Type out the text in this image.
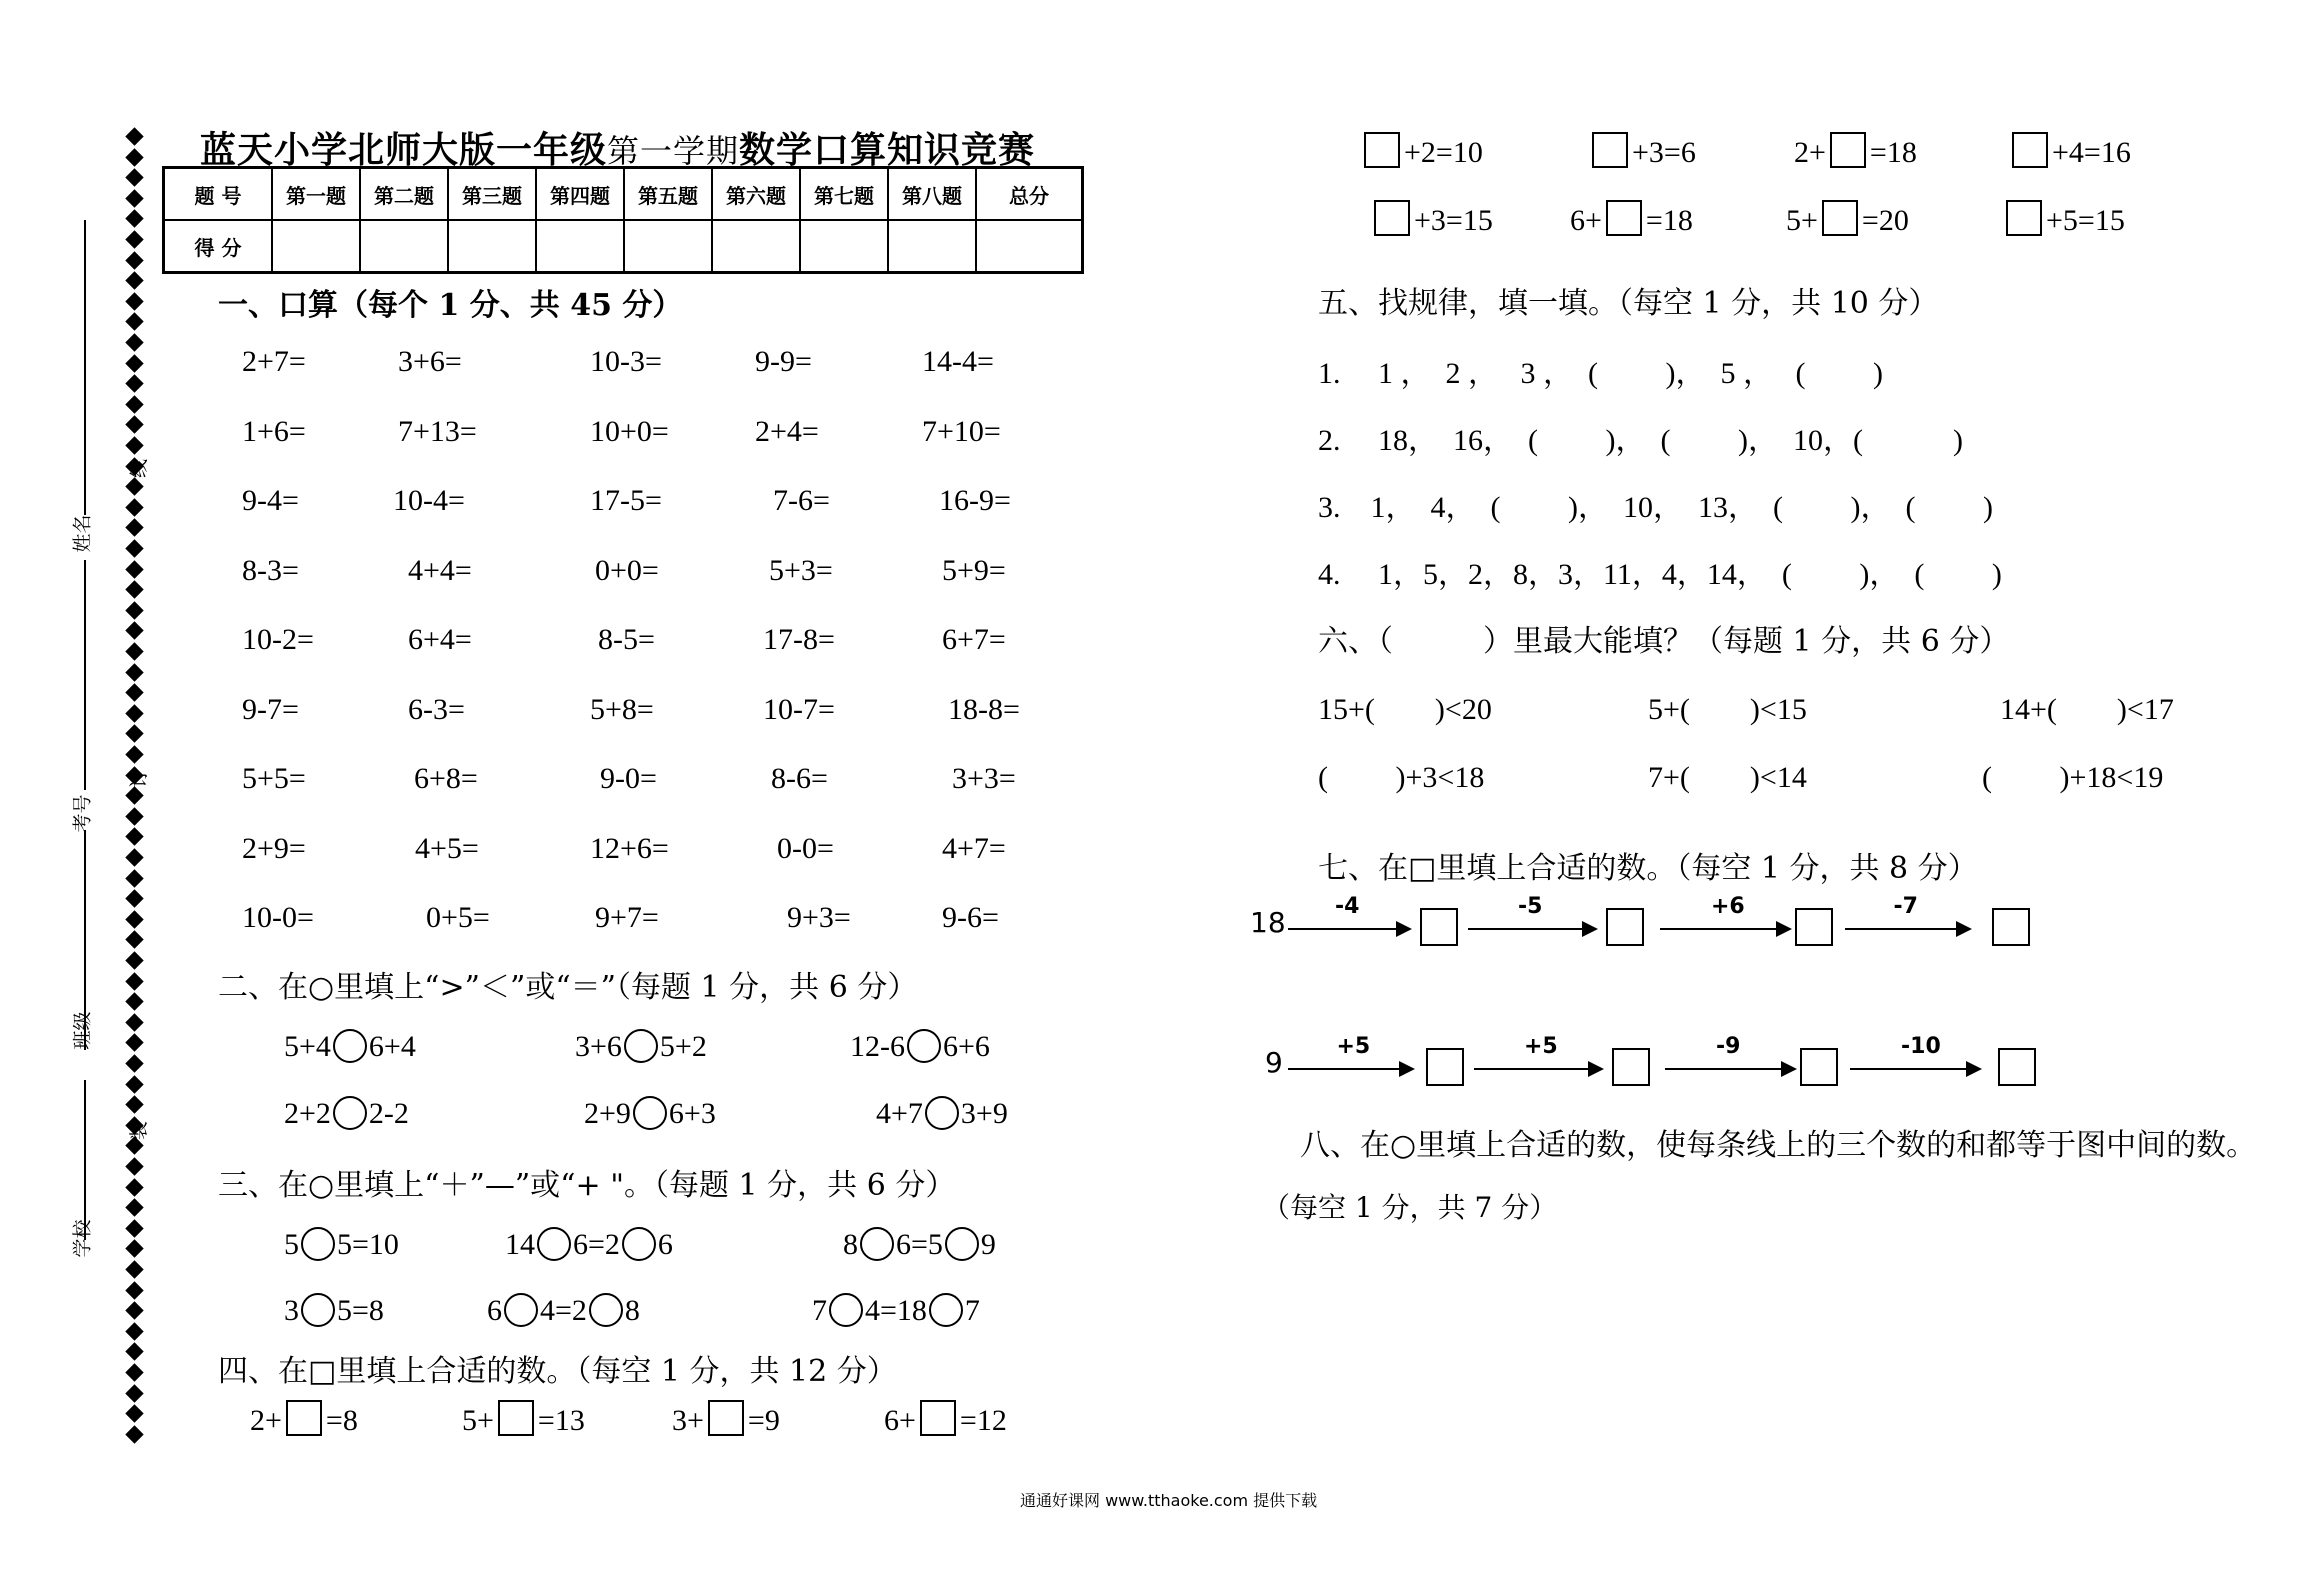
姓名
考号
班级
学校
线
订
装
蓝天小学北师大版一年级第一学期数学口算知识竞赛
题 号	第一题	第二题	第三题	第四题	第五题	第六题	第七题	第八题	总分
得 分									
一、口算（每个 1 分、共 45 分）
2+7=	3+6=	10-3=	9-9=	14-4=
1+6=	7+13=	10+0=	2+4=	7+10=
9-4=	10-4=	17-5=	7-6=	16-9=
8-3=	4+4=	0+0=	5+3=	5+9=
10-2=	6+4=	8-5=	17-8=	6+7=
9-7=	6-3=	5+8=	10-7=	18-8=
5+5=	6+8=	9-0=	8-6=	3+3=
2+9=	4+5=	12+6=	0-0=	4+7=
10-0=	0+5=	9+7=	9+3=	9-6=
二、在○里填上“>”＜”或“＝”（每题 1 分，共 6 分）
5+4 6+4	3+6 5+2	12-6 6+6
2+2 2-2	2+9 6+3	4+7 3+9
三、在○里填上“＋”—”或“+ "。（每题 1 分，共 6 分）
5 5=10	14 6=2 6	8 6=5 9
3 5=8	6 4=2 8	7 4=18 7
四、在□里填上合适的数。（每空 1 分，共 12 分）
2+ =8	5+ =13	3+ =9	6+ =12
+2=10	+3=6	2+ =18	+4=16
+3=15	6+ =18	5+ =20	+5=15
五、找规律，填一填。（每空 1 分，共 10 分）
1.　 1 ，　2 ，　 3 ，　(　　 )，　5 ，　 (　　 )
2.　 18，　16，　(　　 )，　(　　 )，　10，(　　　)
3.　1，　4，　(　　 )，　10，　13，　(　　 )，　(　　 )
4.　 1，5，2，8，3，11，4，14，　(　　 )，　(　　 )
六、（　　　）里最大能填？（每题 1 分，共 6 分）
15+(　　)<20	5+(　　)<15	14+(　　)<17
(　　 )+3<18	7+(　　)<14	(　　 )+18<19
七、在□里填上合适的数。（每空 1 分，共 8 分）
18 -4	-5	+6	-7
9 +5	+5	-9	-10
八、在○里填上合适的数，使每条线上的三个数的和都等于图中间的数。
（每空 1 分，共 7 分）
通通好课网 www.tthaoke.com 提供下载
